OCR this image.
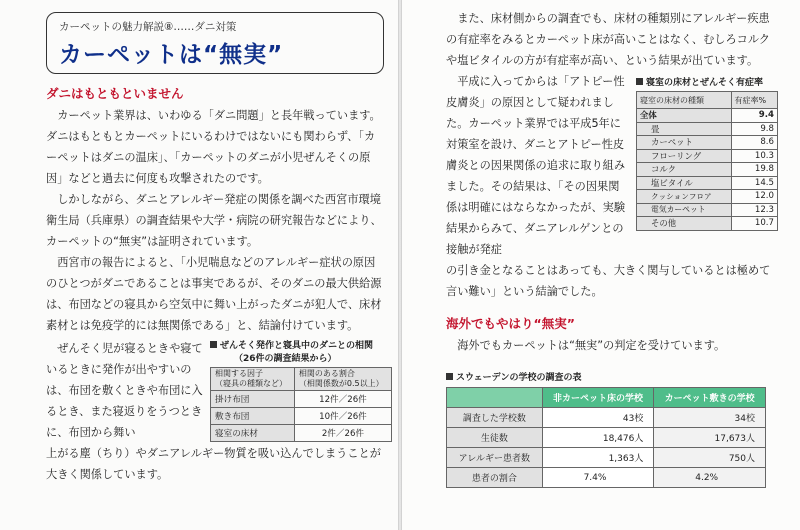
カーペットの魅力解説⑧……ダニ対策
カーペットは“無実”
ダニはもともといません

カーペット業界は、いわゆる「ダニ問題」と長年戦っています。ダニはもともとカーペットにいるわけではないにも関わらず、「カーペットはダニの温床」、「カーペットのダニが小児ぜんそくの原因」などと過去に何度も攻撃されたのです。

しかしながら、ダニとアレルギー発症の関係を調べた西宮市環境衛生局（兵庫県）の調査結果や大学・病院の研究報告などにより、カーペットの“無実”は証明されています。

西宮市の報告によると、「小児喘息などのアレルギー症状の原因のひとつがダニであることは事実であるが、そのダニの最大供給源は、布団などの寝具から空気中に舞い上がったダニが犯人で、床材素材とは免疫学的には無関係である」と、結論付けています。

ぜんそく児が寝るときや寝ているときに発作が出やすいのは、布団を敷くときや布団に入るとき、また寝返りをうつときに、布団から舞い

ぜんそく発作と寝具中のダニとの相関
（26件の調査結果から）
相関する因子
（寝具の種類など）	相関のある割合
（相関係数が0.5以上）
掛け布団	12件／26件
敷き布団	10件／26件
寝室の床材	2件／26件

上がる塵（ちり）やダニアレルギー物質を吸い込んでしまうことが大きく関係しています。

また、床材側からの調査でも、床材の種類別にアレルギー疾患の有症率をみるとカーペット床が高いことはなく、むしろコルクや塩ビタイルの方が有症率が高い、という結果が出ています。

平成に入ってからは「アトピー性皮膚炎」の原因として疑われました。カーペット業界では平成5年に対策室を設け、ダニとアトピー性皮膚炎との因果関係の追求に取り組みました。その結果は、「その因果関係は明確にはならなかったが、実験結果からみて、ダニアレルゲンとの接触が発症

寝室の床材とぜんそく有症率
寝室の床材の種類	有症率%
全体	9.4
畳	9.8
カーペット	8.6
フローリング	10.3
コルク	19.8
塩ビタイル	14.5
クッションフロア	12.0
電気カーペット	12.3
その他	10.7

の引き金となることはあっても、大きく関与しているとは極めて言い難い」という結論でした。

海外でもやはり“無実”

海外でもカーペットは“無実”の判定を受けています。

スウェーデンの学校の調査の表
	非カーペット床の学校	カーペット敷きの学校
調査した学校数	43校	34校
生徒数	18,476人	17,673人
アレルギー患者数	1,363人	750人
患者の割合	7.4%	4.2%
